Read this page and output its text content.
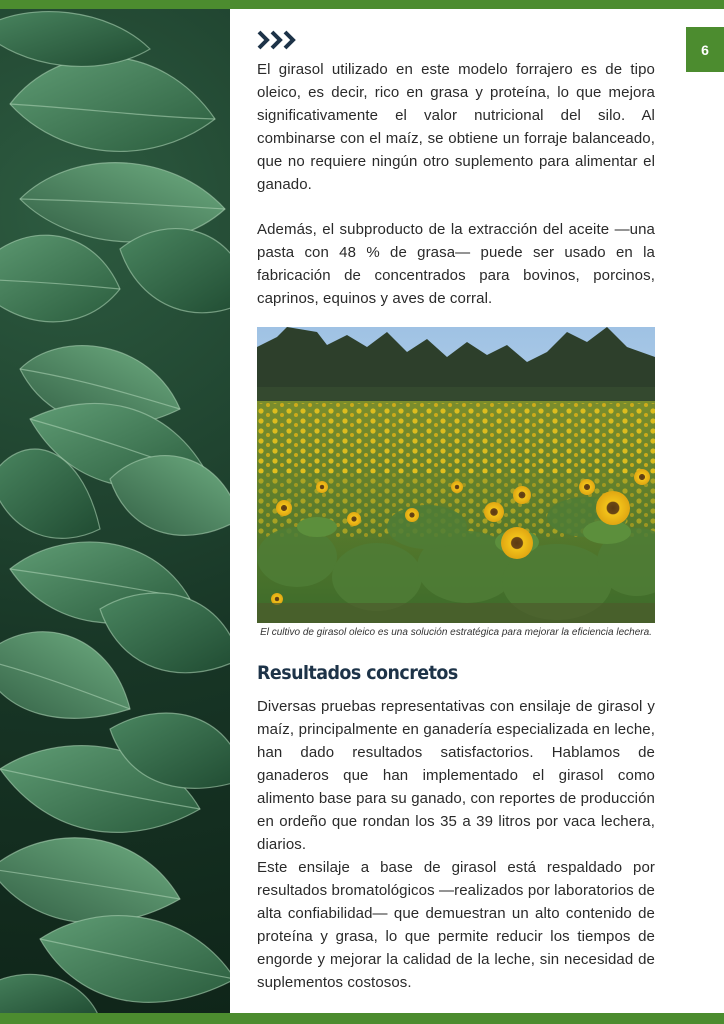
6

El girasol utilizado en este modelo forrajero es de tipo oleico, es decir, rico en grasa y proteína, lo que mejora significativamente el valor nutricional del silo. Al combinarse con el maíz, se obtiene un forraje balanceado, que no requiere ningún otro suplemento para alimentar el ganado.

Además, el subproducto de la extracción del aceite —una pasta con 48 % de grasa— puede ser usado en la fabricación de concentrados para bovinos, porcinos, caprinos, equinos y aves de corral.

El cultivo de girasol oleico es una solución estratégica para mejorar la eficiencia lechera.

Resultados concretos

Diversas pruebas representativas con ensilaje de girasol y maíz, principalmente en ganadería especializada en leche, han dado resultados satisfactorios. Hablamos de ganaderos que han implementado el girasol como alimento base para su ganado, con reportes de producción en ordeño que rondan los 35 a 39 litros por vaca lechera, diarios.

Este ensilaje a base de girasol está respaldado por resultados bromatológicos —realizados por laboratorios de alta confiabilidad— que demuestran un alto contenido de proteína y grasa, lo que permite reducir los tiempos de engorde y mejorar la calidad de la leche, sin necesidad de suplementos costosos.
